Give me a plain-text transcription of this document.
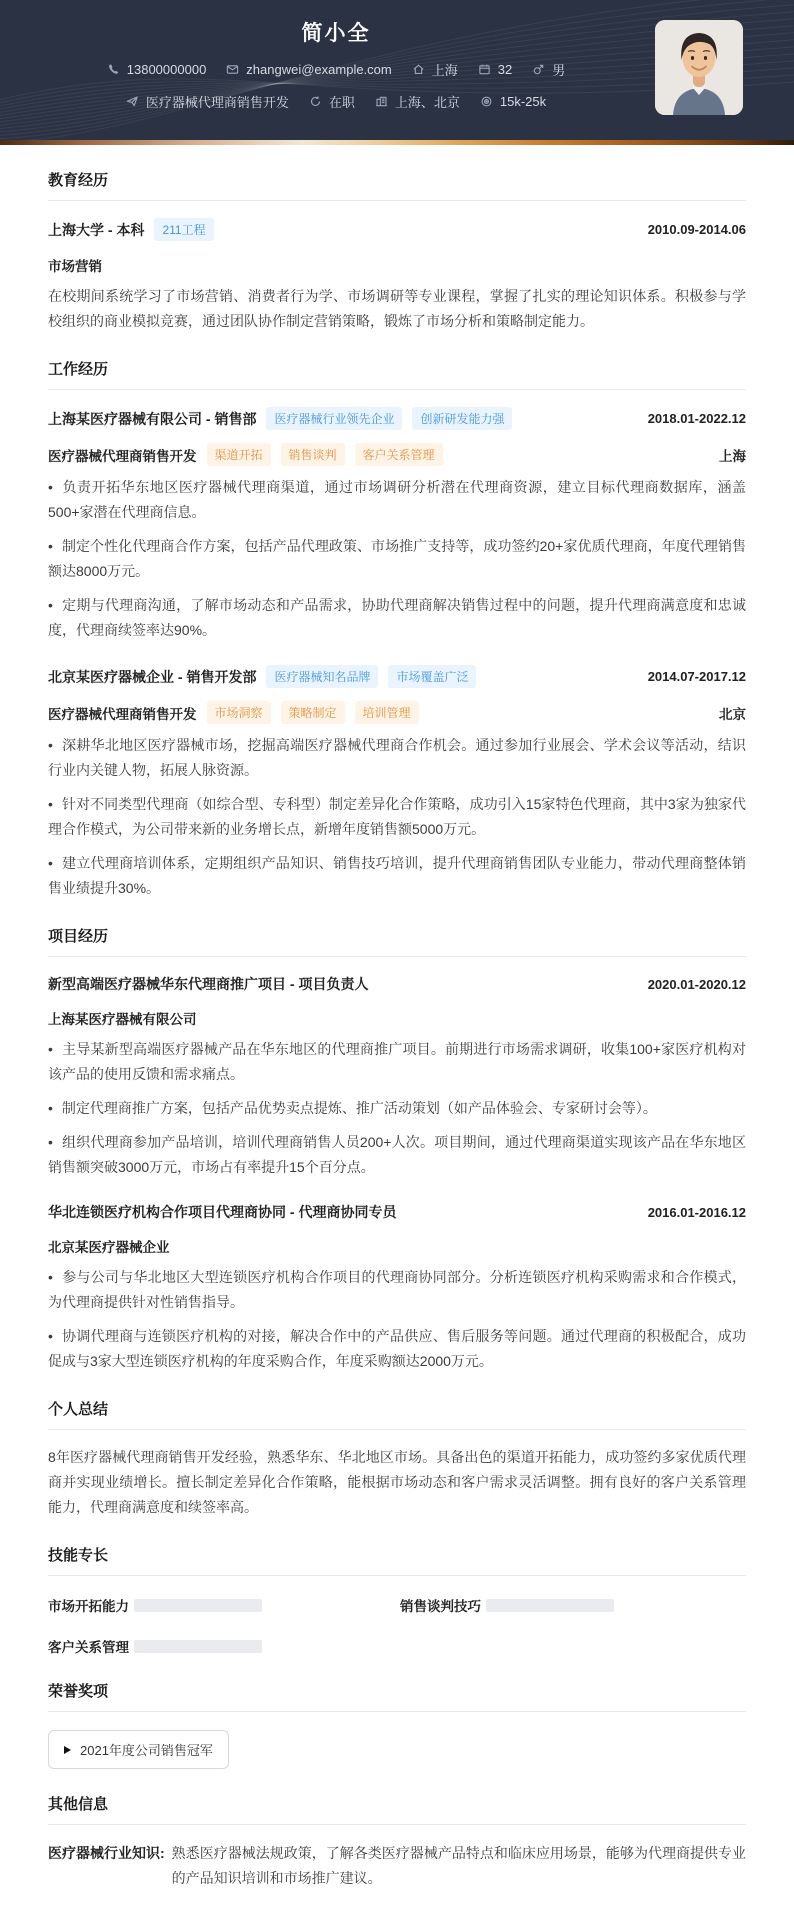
简小全
13800000000	zhangwei@example.com	上海	32	男
医疗器械代理商销售开发	在职	上海、北京	15k-25k
教育经历
上海大学 - 本科	211工程	2010.09-2014.06
市场营销

在校期间系统学习了市场营销、消费者行为学、市场调研等专业课程，掌握了扎实的理论知识体系。积极参与学校组织的商业模拟竞赛，通过团队协作制定营销策略，锻炼了市场分析和策略制定能力。

工作经历
上海某医疗器械有限公司 - 销售部	医疗器械行业领先企业	创新研发能力强	2018.01-2022.12
医疗器械代理商销售开发	渠道开拓	销售谈判	客户关系管理	上海

• 负责开拓华东地区医疗器械代理商渠道，通过市场调研分析潜在代理商资源，建立目标代理商数据库，涵盖500+家潜在代理商信息。

• 制定个性化代理商合作方案，包括产品代理政策、市场推广支持等，成功签约20+家优质代理商，年度代理销售额达8000万元。

• 定期与代理商沟通，了解市场动态和产品需求，协助代理商解决销售过程中的问题，提升代理商满意度和忠诚度，代理商续签率达90%。

北京某医疗器械企业 - 销售开发部	医疗器械知名品牌	市场覆盖广泛	2014.07-2017.12
医疗器械代理商销售开发	市场洞察	策略制定	培训管理	北京

• 深耕华北地区医疗器械市场，挖掘高端医疗器械代理商合作机会。通过参加行业展会、学术会议等活动，结识行业内关键人物，拓展人脉资源。

• 针对不同类型代理商（如综合型、专科型）制定差异化合作策略，成功引入15家特色代理商，其中3家为独家代理合作模式，为公司带来新的业务增长点，新增年度销售额5000万元。

• 建立代理商培训体系，定期组织产品知识、销售技巧培训，提升代理商销售团队专业能力，带动代理商整体销售业绩提升30%。

项目经历
新型高端医疗器械华东代理商推广项目 - 项目负责人	2020.01-2020.12
上海某医疗器械有限公司

• 主导某新型高端医疗器械产品在华东地区的代理商推广项目。前期进行市场需求调研，收集100+家医疗机构对该产品的使用反馈和需求痛点。

• 制定代理商推广方案，包括产品优势卖点提炼、推广活动策划（如产品体验会、专家研讨会等）。

• 组织代理商参加产品培训，培训代理商销售人员200+人次。项目期间，通过代理商渠道实现该产品在华东地区销售额突破3000万元，市场占有率提升15个百分点。

华北连锁医疗机构合作项目代理商协同 - 代理商协同专员	2016.01-2016.12
北京某医疗器械企业

• 参与公司与华北地区大型连锁医疗机构合作项目的代理商协同部分。分析连锁医疗机构采购需求和合作模式，为代理商提供针对性销售指导。

• 协调代理商与连锁医疗机构的对接，解决合作中的产品供应、售后服务等问题。通过代理商的积极配合，成功促成与3家大型连锁医疗机构的年度采购合作，年度采购额达2000万元。

个人总结

8年医疗器械代理商销售开发经验，熟悉华东、华北地区市场。具备出色的渠道开拓能力，成功签约多家优质代理商并实现业绩增长。擅长制定差异化合作策略，能根据市场动态和客户需求灵活调整。拥有良好的客户关系管理能力，代理商满意度和续签率高。

技能专长
市场开拓能力	销售谈判技巧
客户关系管理
荣誉奖项
2021年度公司销售冠军
其他信息
医疗器械行业知识: 熟悉医疗器械法规政策，了解各类医疗器械产品特点和临床应用场景，能够为代理商提供专业的产品知识培训和市场推广建议。
